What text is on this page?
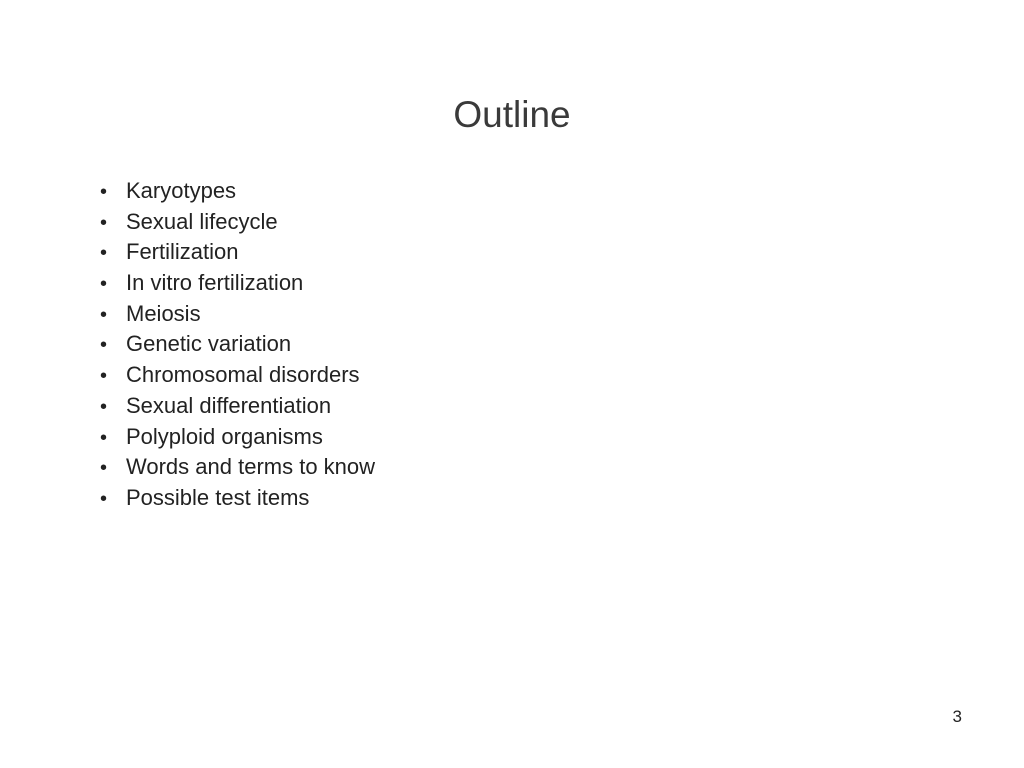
Outline
• Karyotypes
• Sexual lifecycle
• Fertilization
• In vitro fertilization
• Meiosis
• Genetic variation
• Chromosomal disorders
• Sexual differentiation
• Polyploid organisms
• Words and terms to know
• Possible test items
3
